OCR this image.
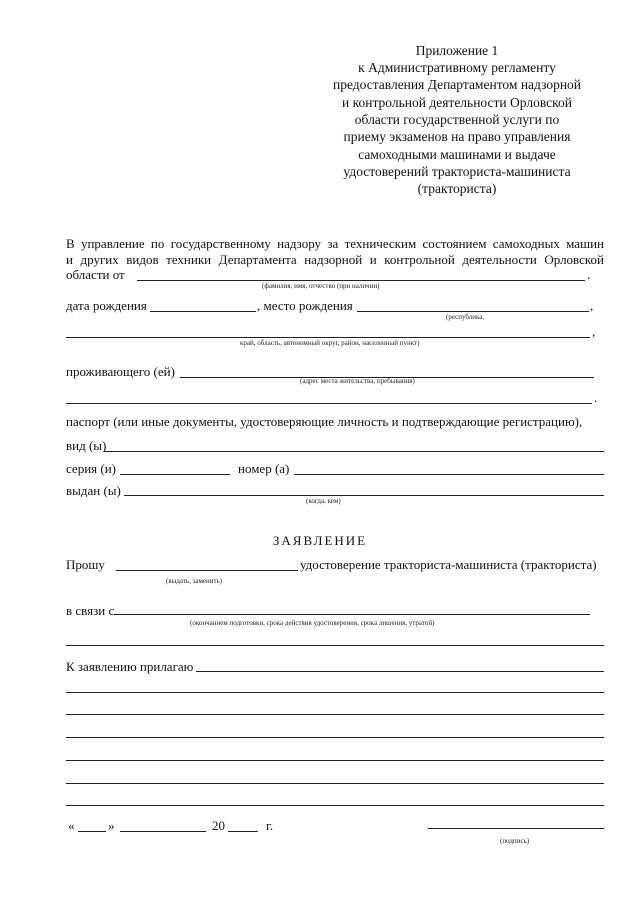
Приложение 1
к Административному регламенту
предоставления Департаментом надзорной
и контрольной деятельности Орловской
области государственной услуги по
приему экзаменов на право управления
самоходными машинами и выдаче
удостоверений тракториста-машиниста
(тракториста)
В управление по государственному надзору за техническим состоянием самоходных машин
и других видов техники Департамента надзорной и контрольной деятельности Орловской
области от	.
(фамилия, имя, отчество (при наличии)
дата рождения	, место рождения	,
(республика,
,
край, область, автономный округ, район, населенный пункт)
проживающего (ей)
(адрес места жительства, пребывания)
.
паспорт (или иные документы, удостоверяющие личность и подтверждающие регистрацию),
вид (ы)
серия (и)	номер (а)
выдан (ы)
(когда, кем)
ЗАЯВЛЕНИЕ
Прошу	удостоверение тракториста-машиниста (тракториста)
(выдать, заменить)
в связи с
(окончанием подготовки, срока действия удостоверения, срока лишения, утратой)
К заявлению прилагаю
«	»	20	г.
(подпись)
